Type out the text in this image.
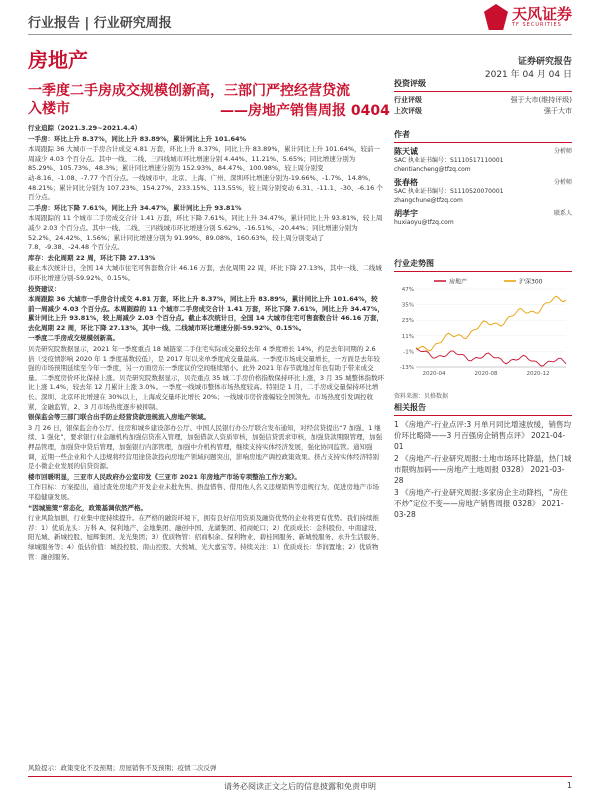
行业报告 | 行业研究周报
天风证券
TF SECURITIES
房地产	证券研究报告
2021 年 04 月 04 日
一季度二手房成交规模创新高，三部门严控经营贷流
入楼市	——房地产销售周报 0404

行业追踪（2021.3.29~2021.4.4）

一手房：环比上升 8.37%，同比上升 83.89%，累计同比上升 101.64%

本周跟踪 36 大城市一手房合计成交 4.81 万套，环比上升 8.37%，同比上升 83.89%，累计同比上升 101.64%，较前一周减少 4.03 个百分点。其中一线、二线、三四线城市环比增速分别 4.44%、11.21%、5.65%；同比增速分别为 85.29%、105.73%、48.3%；累计同比增速分别为 152.93%、84.47%、100.98%，较上周分别变动-8.16、-1.08、-7.77 个百分点。一线城市中，北京、上海、广州、深圳环比增速分别为-19.66%、-1.7%、14.8%、48.21%；累计同比分别为 107.23%、154.27%、233.15%、113.55%，较上周分别变动 6.31、-11.1、-30、-6.16 个百分点。

二手房：环比下降 7.61%，同比上升 34.47%，累计同比上升 93.81%

本周跟踪的 11 个城市二手房成交合计 1.41 万套，环比下降 7.61%，同比上升 34.47%，累计同比上升 93.81%，较上周减少 2.03 个百分点。其中一线、二线、三四线城市环比增速分别 5.62%、-16.51%、-20.44%；同比增速分别为 52.2%、24.42%、1.56%；累计同比增速分别为 91.99%、89.08%、160.63%，较上周分别变动了 7.8、-9.38、-24.48 个百分点。

库存：去化周期 22 周，环比下降 27.13%

截止本次统计日，全国 14 大城市住宅可售套数合计 46.16 万套，去化周期 22 周，环比下降 27.13%，其中一线、二线城市环比增速分别-59.92%、0.15%。

投资建议：

本周跟踪 36 大城市一手房合计成交 4.81 万套，环比上升 8.37%，同比上升 83.89%，累计同比上升 101.64%，较前一周减少 4.03 个百分点。本周跟踪的 11 个城市二手房成交合计 1.41 万套，环比下降 7.61%，同比上升 34.47%，累计同比上升 93.81%，较上周减少 2.03 个百分点。截止本次统计日，全国 14 大城市住宅可售套数合计 46.16 万套，去化周期 22 周，环比下降 27.13%，其中一线、二线城市环比增速分别-59.92%、0.15%。

一季度二手房成交规模创新高。

贝壳研究院数据显示，2021 年一季度重点 18 城链家二手住宅实际成交量较去年 4 季度增长 14%，约是去年同期的 2.6 倍（受疫情影响 2020 年 1 季度基数较低），是 2017 年以来单季度成交量最高。一季度市场成交量增长，一方面是去年较强的市场预期延续至今年一季度，另一方面房东一季度议价空间继续缩小。此外 2021 年春节就地过年也有助于带来成交量。二季度房价环比保持上涨。贝壳研究院数据显示，贝壳重点 35 城二手房价格指数保持环比上涨，3 月 35 城整体指数环比上涨 1.4%，较去年 12 月累计上涨 3.0%。一季度一线城市整体市场热度较高。特别是 1 月，二手房成交量保持环比增长。深圳、北京环比增速在 30%以上，上海成交量环比增长 20%；一线城市房价涨幅较全国领先。市场热度引发调控收紧，金融监管，2、3 月市场热度逐步被抑制。

银保监会等三部门联合出手防止经营贷款违规流入房地产领域。

3 月 26 日，银保监会办公厅、住房和城乡建设部办公厅、中国人民银行办公厅联合发布通知，对经营贷提出“7 加强、1 继续、1 强化”，要求银行业金融机构加强信贷准入管理，加强借款人资质审核，加强信贷需求审核，加强贷款期限管理，加强押品管理，加强贷中贷后管理，加强银行内部管理，加强中介机构管理，继续支持实体经济发展，强化协同监管。通知强调，近期一些企业和个人违规将经营用途贷款投向房地产领域问题突出，影响房地产调控政策效果。挤占支持实体经济特别是小微企业发展的信贷资源。

楼市回暖明显，三亚市人民政府办公室印发《三亚市 2021 年房地产市场专项整治工作方案》。

工作目标：方案提出，通过查处房地产开发企业未批先售、捂盘惜售、借用他人名义违规销售等违规行为，促进房地产市场平稳健康发展。

“因城施策”常态化，政策基调依然严格。

行业风险加剧，行业集中度持续提升。在严格的融资环境下，拥有良好信用资质及融资优势的企业将更有优势。我们持续推荐：1）优质龙头：万科 A、保利地产、金地集团、融创中国、龙湖集团、招商蛇口；2）优质成长：金科股份、中南建设、阳光城、新城控股、旭辉集团、龙光集团；3）优质物管：招商积余、保利物业、碧桂园服务、新城悦服务、永升生活服务、绿城服务等；4）低估价值：城投控股、南山控股、大悦城、光大嘉宝等。持续关注：1）优质成长：华润置地；2）优质物管：融创服务。

风险提示：政策变化不及预期；房屋销售不及预期；疫情二次反弹
投资评级
行业评级	强于大市(维持评级)
上次评级	强于大市
作者
陈天诚	分析师
SAC 执业证书编号：S1110517110001
chentiancheng@tfzq.com
张春格	分析师
SAC 执业证书编号：S1110520070001
zhangchune@tfzq.com
胡孝宇	联系人
huxiaoyu@tfzq.com
行业走势图
房地产	沪深300
47%
35%
23%
11%
-1%
-13%
2020-04	2020-08	2020-12
资料来源：贝格数据
相关报告
1 《房地产-行业点评:3 月单月同比增速放缓，销售均价环比略降——3 月百强房企销售点评》 2021-04-01
2 《房地产-行业研究周报:土地市场环比降温，热门城市限购加码——房地产土地周报 0328》 2021-03-28
3 《房地产-行业研究周报:多家房企主动降档，“房住不炒”定位不变——房地产销售周报 0328》 2021-03-28
请务必阅读正文之后的信息披露和免责申明	1
